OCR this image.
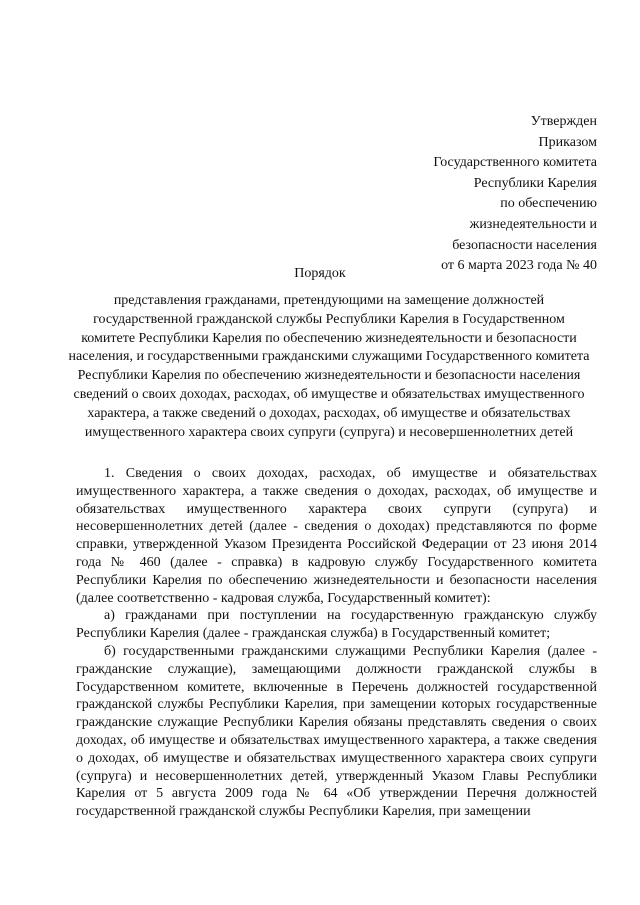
Утвержден
Приказом
Государственного комитета
Республики Карелия
по обеспечению
жизнедеятельности и
безопасности населения
от 6 марта 2023 года № 40
Порядок
представления гражданами, претендующими на замещение должностей государственной гражданской службы Республики Карелия в Государственном комитете Республики Карелия по обеспечению жизнедеятельности и безопасности населения, и государственными гражданскими служащими Государственного комитета Республики Карелия по обеспечению жизнедеятельности и безопасности населения сведений о своих доходах, расходах, об имуществе и обязательствах имущественного характера, а также сведений о доходах, расходах, об имуществе и обязательствах имущественного характера своих супруги (супруга) и несовершеннолетних детей

1. Сведения о своих доходах, расходах, об имуществе и обязательствах имущественного характера, а также сведения о доходах, расходах, об имуществе и обязательствах имущественного характера своих супруги (супруга) и несовершеннолетних детей (далее - сведения о доходах) представляются по форме справки, утвержденной Указом Президента Российской Федерации от 23 июня 2014 года № 460 (далее - справка) в кадровую службу Государственного комитета Республики Карелия по обеспечению жизнедеятельности и безопасности населения (далее соответственно - кадровая служба, Государственный комитет):

а) гражданами при поступлении на государственную гражданскую службу Республики Карелия (далее - гражданская служба) в Государственный комитет;

б) государственными гражданскими служащими Республики Карелия (далее - гражданские служащие), замещающими должности гражданской службы в Государственном комитете, включенные в Перечень должностей государственной гражданской службы Республики Карелия, при замещении которых государственные гражданские служащие Республики Карелия обязаны представлять сведения о своих доходах, об имуществе и обязательствах имущественного характера, а также сведения о доходах, об имуществе и обязательствах имущественного характера своих супруги (супруга) и несовершеннолетних детей, утвержденный Указом Главы Республики Карелия от 5 августа 2009 года № 64 «Об утверждении Перечня должностей государственной гражданской службы Республики Карелия, при замещении
